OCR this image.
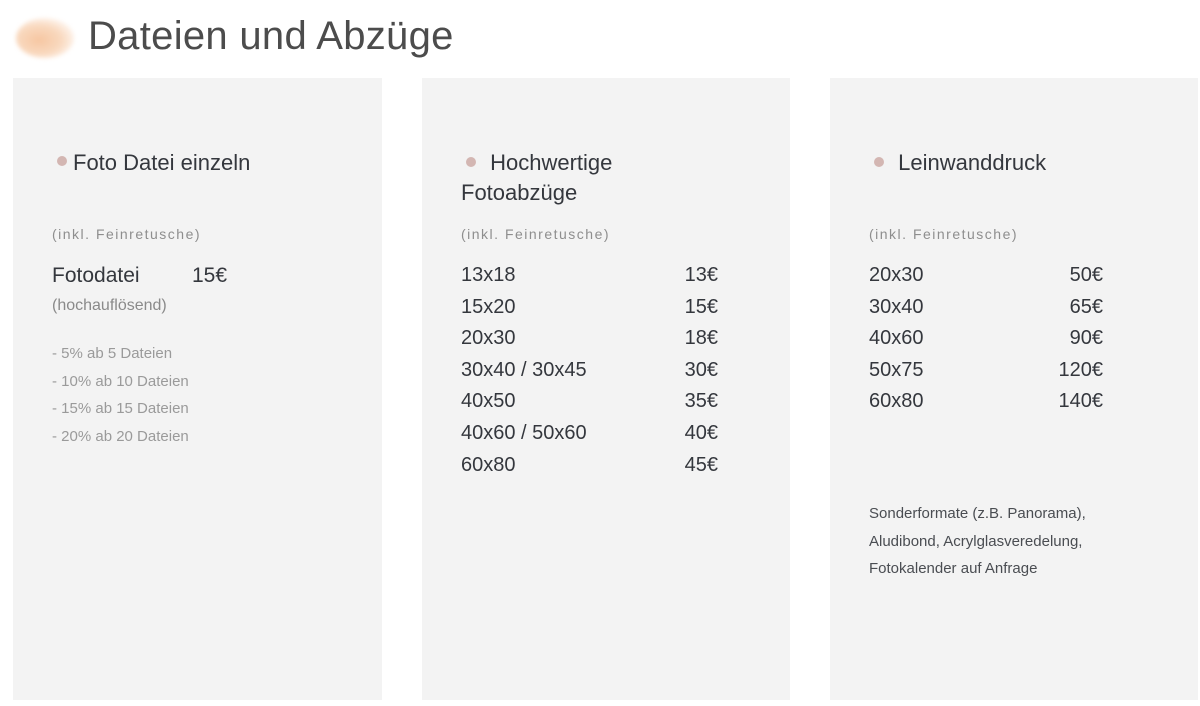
Dateien und Abzüge
Foto Datei einzeln
(inkl. Feinretusche)
Fotodatei 15€
(hochauflösend)
- 5% ab 5 Dateien
- 10% ab 10 Dateien
- 15% ab 15 Dateien
- 20% ab 20 Dateien
Hochwertige Fotoabzüge
(inkl. Feinretusche)
13x18	13€
15x20	15€
20x30	18€
30x40 / 30x45	30€
40x50	35€
40x60 / 50x60	40€
60x80	45€
Leinwanddruck
(inkl. Feinretusche)
20x30	50€
30x40	65€
40x60	90€
50x75	120€
60x80	140€
Sonderformate (z.B. Panorama),
Aludibond, Acrylglasveredelung,
Fotokalender auf Anfrage
